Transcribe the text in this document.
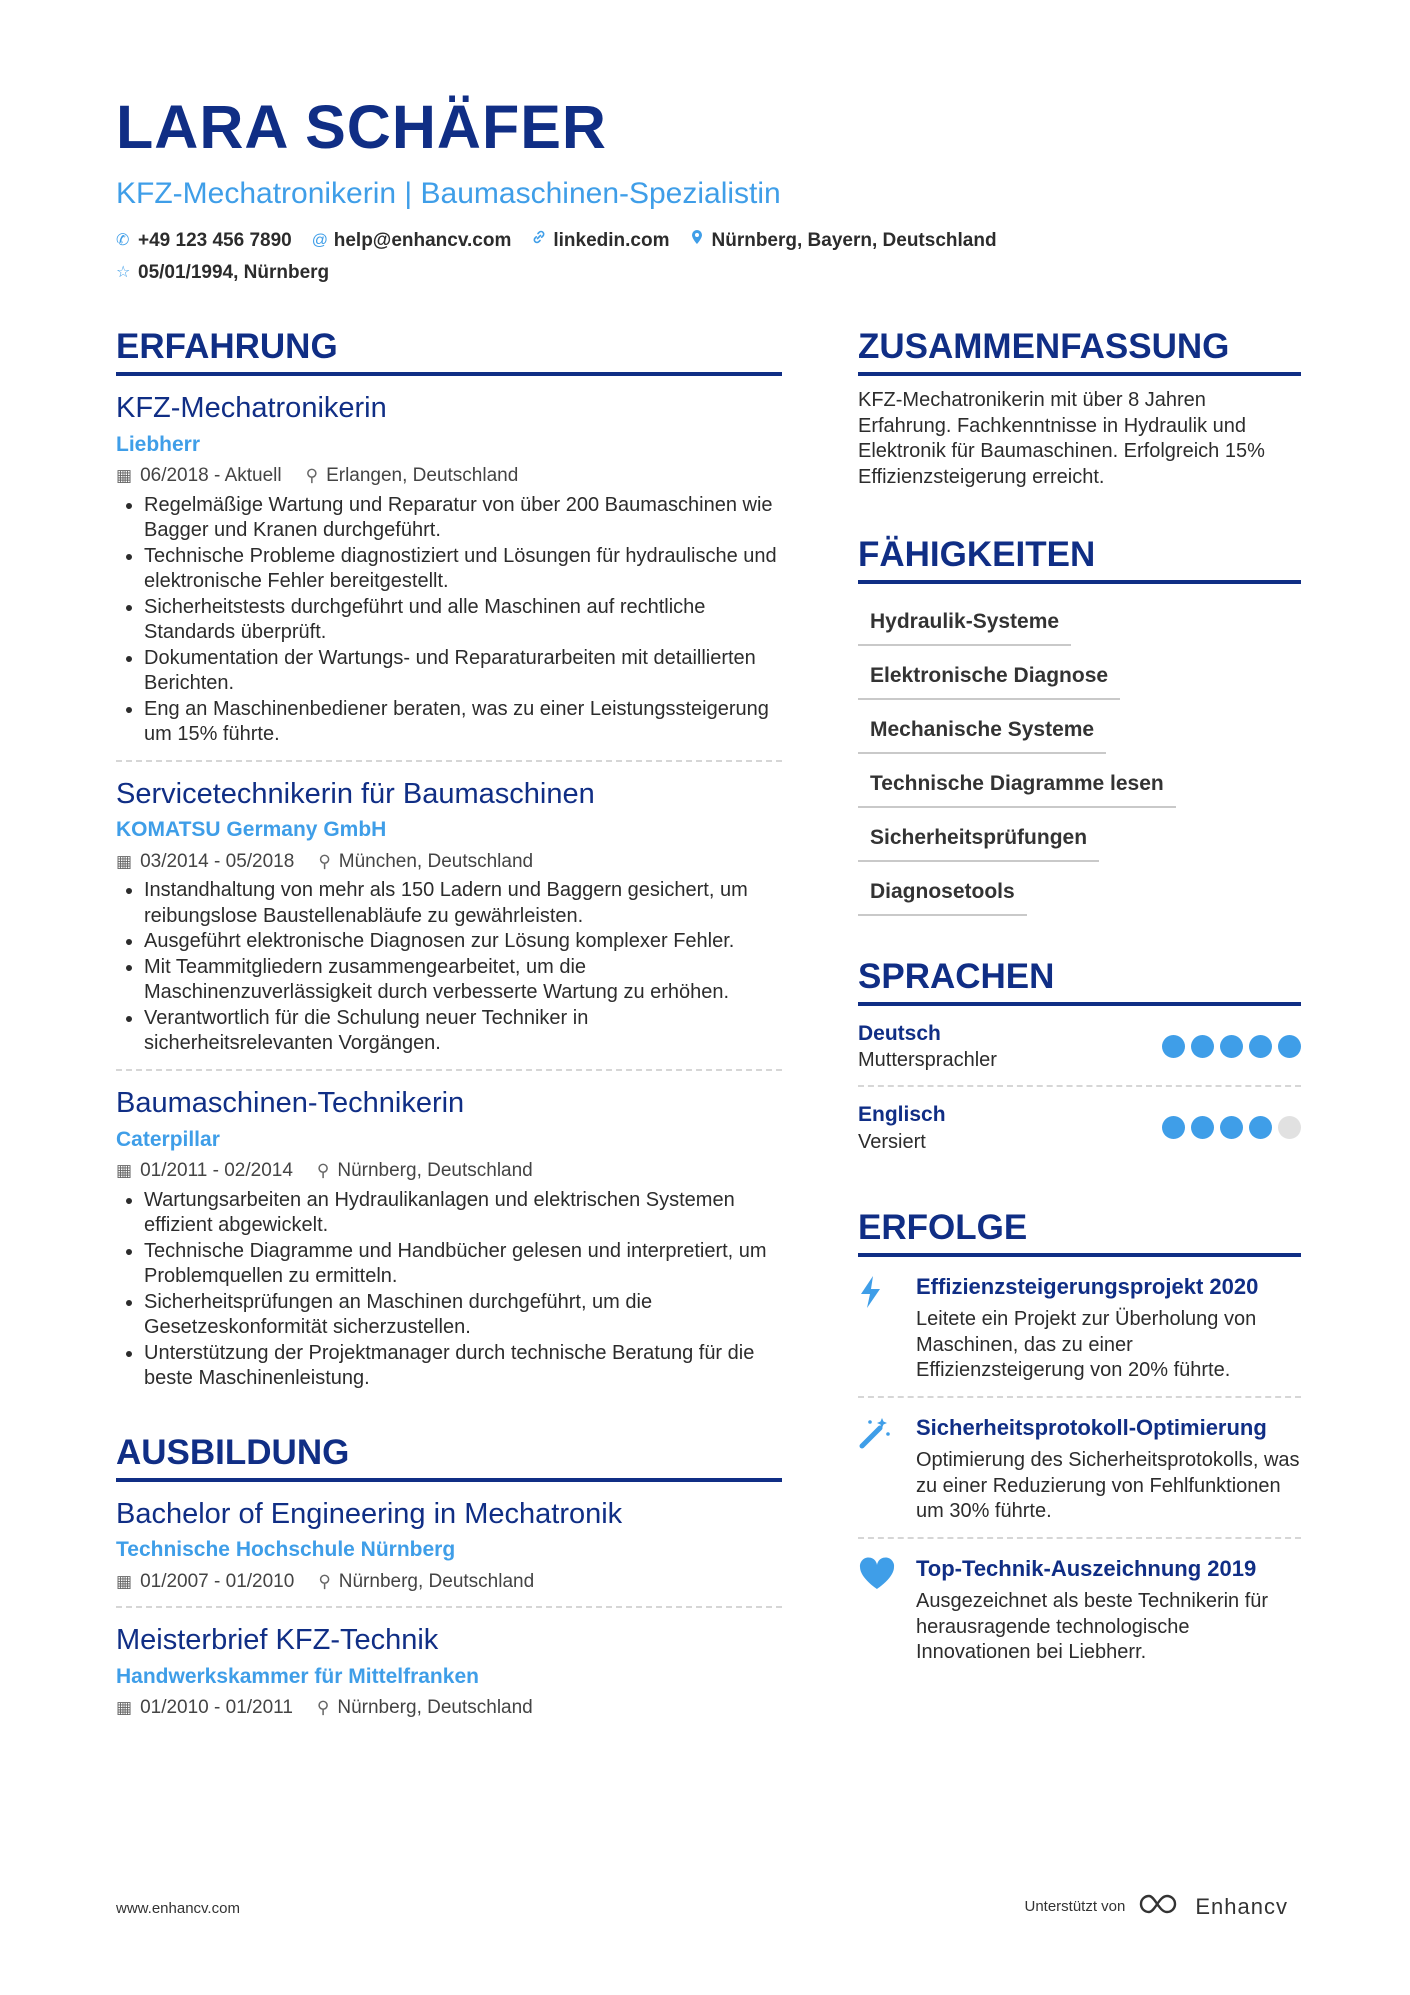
LARA SCHÄFER
KFZ-Mechatronikerin | Baumaschinen-Spezialistin
✆ +49 123 456 7890 @ help@enhancv.com linkedin.com Nürnberg, Bayern, Deutschland
☆ 05/01/1994, Nürnberg
ERFAHRUNG
KFZ-Mechatronikerin
Liebherr
▦ 06/2018 - Aktuell ⚲ Erlangen, Deutschland
• Regelmäßige Wartung und Reparatur von über 200 Baumaschinen wie Bagger und Kranen durchgeführt.
• Technische Probleme diagnostiziert und Lösungen für hydraulische und elektronische Fehler bereitgestellt.
• Sicherheitstests durchgeführt und alle Maschinen auf rechtliche Standards überprüft.
• Dokumentation der Wartungs- und Reparaturarbeiten mit detaillierten Berichten.
• Eng an Maschinenbediener beraten, was zu einer Leistungssteigerung um 15% führte.
Servicetechnikerin für Baumaschinen
KOMATSU Germany GmbH
▦ 03/2014 - 05/2018 ⚲ München, Deutschland
• Instandhaltung von mehr als 150 Ladern und Baggern gesichert, um reibungslose Baustellenabläufe zu gewährleisten.
• Ausgeführt elektronische Diagnosen zur Lösung komplexer Fehler.
• Mit Teammitgliedern zusammengearbeitet, um die Maschinenzuverlässigkeit durch verbesserte Wartung zu erhöhen.
• Verantwortlich für die Schulung neuer Techniker in sicherheitsrelevanten Vorgängen.
Baumaschinen-Technikerin
Caterpillar
▦ 01/2011 - 02/2014 ⚲ Nürnberg, Deutschland
• Wartungsarbeiten an Hydraulikanlagen und elektrischen Systemen effizient abgewickelt.
• Technische Diagramme und Handbücher gelesen und interpretiert, um Problemquellen zu ermitteln.
• Sicherheitsprüfungen an Maschinen durchgeführt, um die Gesetzeskonformität sicherzustellen.
• Unterstützung der Projektmanager durch technische Beratung für die beste Maschinenleistung.
AUSBILDUNG
Bachelor of Engineering in Mechatronik
Technische Hochschule Nürnberg
▦ 01/2007 - 01/2010 ⚲ Nürnberg, Deutschland
Meisterbrief KFZ-Technik
Handwerkskammer für Mittelfranken
▦ 01/2010 - 01/2011 ⚲ Nürnberg, Deutschland
ZUSAMMENFASSUNG
KFZ-Mechatronikerin mit über 8 Jahren Erfahrung. Fachkenntnisse in Hydraulik und Elektronik für Baumaschinen. Erfolgreich 15% Effizienzsteigerung erreicht.
FÄHIGKEITEN
Hydraulik-Systeme
Elektronische Diagnose
Mechanische Systeme
Technische Diagramme lesen
Sicherheitsprüfungen
Diagnosetools
SPRACHEN
Deutsch
Muttersprachler
Englisch
Versiert
ERFOLGE
Effizienzsteigerungsprojekt 2020
Leitete ein Projekt zur Überholung von Maschinen, das zu einer Effizienzsteigerung von 20% führte.
Sicherheitsprotokoll-Optimierung
Optimierung des Sicherheitsprotokolls, was zu einer Reduzierung von Fehlfunktionen um 30% führte.
Top-Technik-Auszeichnung 2019
Ausgezeichnet als beste Technikerin für herausragende technologische Innovationen bei Liebherr.
www.enhancv.com	Unterstützt von	Enhancv
